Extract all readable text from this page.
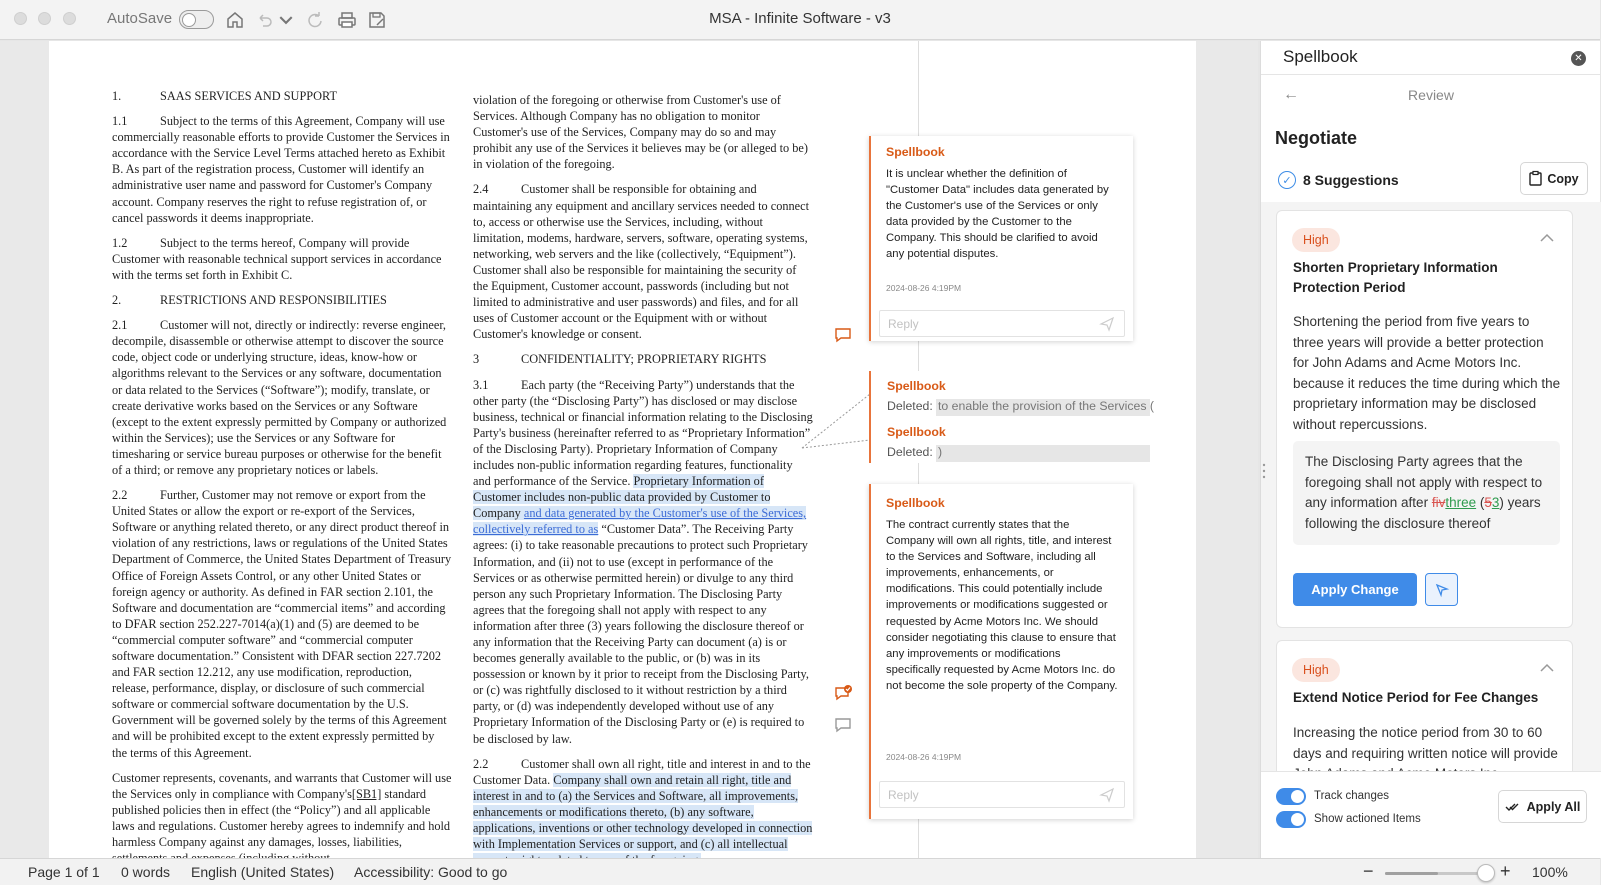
AutoSave	MSA - Infinite Software - v3
1.	SAAS SERVICES AND SUPPORT
1.1	Subject to the terms of this Agreement, Company will use commercially reasonable efforts to provide Customer the Services in accordance with the Service Level Terms attached hereto as Exhibit B. As part of the registration process, Customer will identify an administrative user name and password for Customer's Company account. Company reserves the right to refuse registration of, or cancel passwords it deems inappropriate.
1.2	Subject to the terms hereof, Company will provide Customer with reasonable technical support services in accordance with the terms set forth in Exhibit C.
2.	RESTRICTIONS AND RESPONSIBILITIES
2.1	Customer will not, directly or indirectly: reverse engineer, decompile, disassemble or otherwise attempt to discover the source code, object code or underlying structure, ideas, know-how or algorithms relevant to the Services or any software, documentation or data related to the Services (“Software”); modify, translate, or create derivative works based on the Services or any Software (except to the extent expressly permitted by Company or authorized within the Services); use the Services or any Software for timesharing or service bureau purposes or otherwise for the benefit of a third; or remove any proprietary notices or labels.
2.2	Further, Customer may not remove or export from the United States or allow the export or re-export of the Services, Software or anything related thereto, or any direct product thereof in violation of any restrictions, laws or regulations of the United States Department of Commerce, the United States Department of Treasury Office of Foreign Assets Control, or any other United States or foreign agency or authority. As defined in FAR section 2.101, the Software and documentation are “commercial items” and according to DFAR section 252.227-7014(a)(1) and (5) are deemed to be “commercial computer software” and “commercial computer software documentation.” Consistent with DFAR section 227.7202 and FAR section 12.212, any use modification, reproduction, release, performance, display, or disclosure of such commercial software or commercial software documentation by the U.S. Government will be governed solely by the terms of this Agreement and will be prohibited except to the extent expressly permitted by the terms of this Agreement.
Customer represents, covenants, and warrants that Customer will use the Services only in compliance with Company's[SB1] standard published policies then in effect (the “Policy”) and all applicable laws and regulations. Customer hereby agrees to indemnify and hold harmless Company against any damages, losses, liabilities,
violation of the foregoing or otherwise from Customer's use of Services. Although Company has no obligation to monitor Customer's use of the Services, Company may do so and may prohibit any use of the Services it believes may be (or alleged to be) in violation of the foregoing.
2.4	Customer shall be responsible for obtaining and maintaining any equipment and ancillary services needed to connect to, access or otherwise use the Services, including, without limitation, modems, hardware, servers, software, operating systems, networking, web servers and the like (collectively, “Equipment”). Customer shall also be responsible for maintaining the security of the Equipment, Customer account, passwords (including but not limited to administrative and user passwords) and files, and for all uses of Customer account or the Equipment with or without Customer's knowledge or consent.
3	CONFIDENTIALITY; PROPRIETARY RIGHTS
3.1	Each party (the “Receiving Party”) understands that the other party (the “Disclosing Party”) has disclosed or may disclose business, technical or financial information relating to the Disclosing Party's business (hereinafter referred to as “Proprietary Information” of the Disclosing Party). Proprietary Information of Company includes non-public information regarding features, functionality and performance of the Service. Proprietary Information of Customer includes non-public data provided by Customer to Company and data generated by the Customer's use of the Services, collectively referred to as “Customer Data”. The Receiving Party agrees: (i) to take reasonable precautions to protect such Proprietary Information, and (ii) not to use (except in performance of the Services or as otherwise permitted herein) or divulge to any third person any such Proprietary Information. The Disclosing Party agrees that the foregoing shall not apply with respect to any information after three (3) years following the disclosure thereof or any information that the Receiving Party can document (a) is or becomes generally available to the public, or (b) was in its possession or known by it prior to receipt from the Disclosing Party, or (c) was rightfully disclosed to it without restriction by a third party, or (d) was independently developed without use of any Proprietary Information of the Disclosing Party or (e) is required to be disclosed by law.
2.2	Customer shall own all right, title and interest in and to the Customer Data. Company shall own and retain all right, title and interest in and to (a) the Services and Software, all improvements, enhancements or modifications thereto, (b) any software, applications, inventions or other technology developed in connection with Implementation Services or support, and (c) all intellectual
Spellbook
It is unclear whether the definition of "Customer Data" includes data generated by the Customer's use of the Services or only data provided by the Customer to the Company. This should be clarified to avoid any potential disputes.
2024-08-26 4:19PM
Reply
Spellbook
Deleted: to enable the provision of the Services (
Spellbook
Deleted: )
Spellbook
The contract currently states that the Company will own all rights, title, and interest to the Services and Software, including all improvements, enhancements, or modifications. This could potentially include improvements or modifications suggested or requested by Acme Motors Inc. We should consider negotiating this clause to ensure that any improvements or modifications specifically requested by Acme Motors Inc. do not become the sole property of the Company.
2024-08-26 4:19PM
Reply
Spellbook	✕
←	Review
Negotiate
✓ 8 Suggestions	Copy
High
Shorten Proprietary Information Protection Period
Shortening the period from five years to three years will provide a better protection for John Adams and Acme Motors Inc. because it reduces the time during which the proprietary information may be disclosed without repercussions.
The Disclosing Party agrees that the foregoing shall not apply with respect to any information after fivthree (53) years following the disclosure thereof
Apply Change
High
Extend Notice Period for Fee Changes
Increasing the notice period from 30 to 60 days and requiring written notice will provide
Track changes
Show actioned Items
Apply All
Page 1 of 1 0 words English (United States) Accessibility: Good to go	−	+ 100%
